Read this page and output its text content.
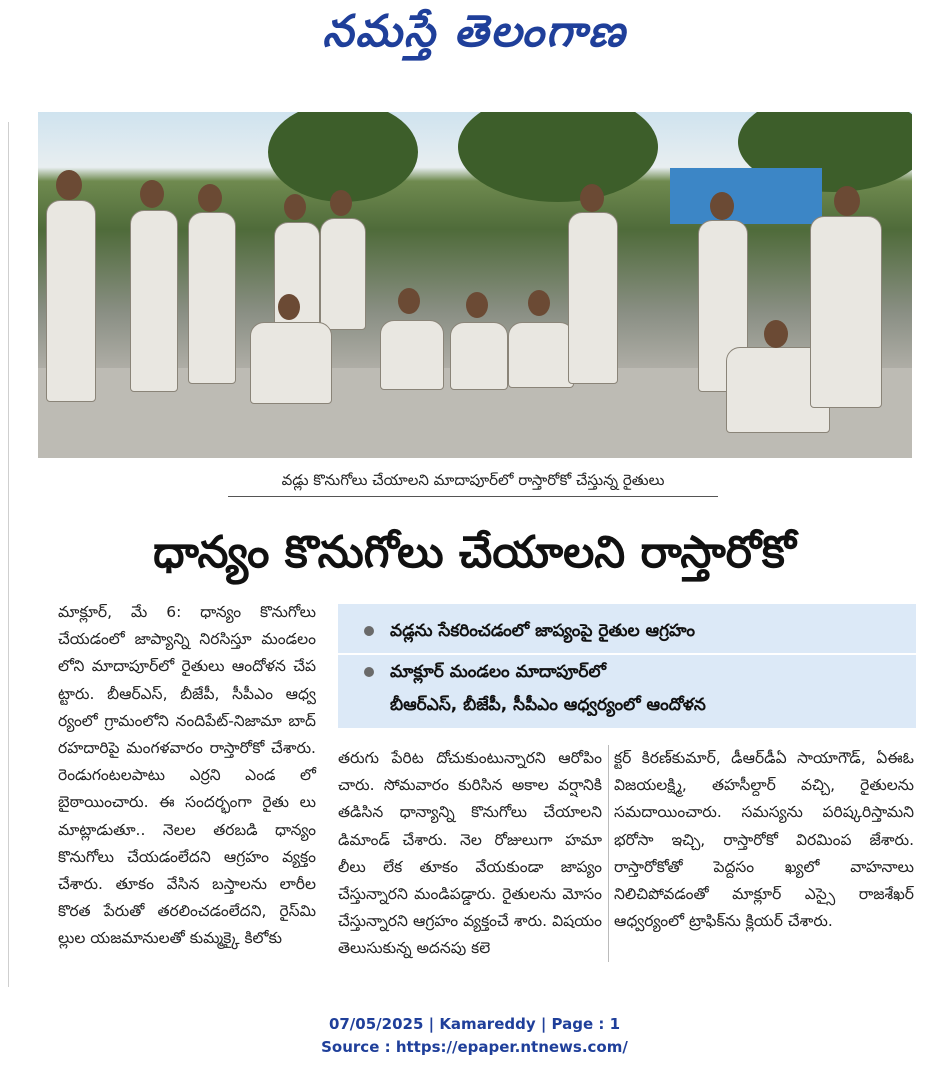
నమస్తే తెలంగాణ
వడ్లు కొనుగోలు చేయాలని మాదాపూర్‌లో రాస్తారోకో చేస్తున్న రైతులు
ధాన్యం కొనుగోలు చేయాలని రాస్తారోకో
మాక్లూర్, మే 6: ధాన్యం కొనుగోలు చేయడంలో జాప్యాన్ని నిరసిస్తూ మండలం లోని మాదాపూర్‌లో రైతులు ఆందోళన చేప ట్టారు. బీఆర్ఎస్, బీజేపీ, సీపీఎం ఆధ్వ ర్యంలో గ్రామంలోని నందిపేట్‌-నిజామా బాద్ రహదారిపై మంగళవారం రాస్తారోకో చేశారు. రెండుగంటలపాటు ఎర్రని ఎండ లో బైఠాయించారు. ఈ సందర్భంగా రైతు లు మాట్లాడుతూ.. నెలల తరబడి ధాన్యం కొనుగోలు చేయడంలేదని ఆగ్రహం వ్యక్తం చేశారు. తూకం వేసిన బస్తాలను లారీల కొరత పేరుతో తరలించడంలేదని, రైస్‌మి ల్లుల యజమానులతో కుమ్మక్కై కిలోకు
వడ్లను సేకరించడంలో జాప్యంపై రైతుల ఆగ్రహం
మాక్లూర్ మండలం మాదాపూర్‌లో
బీఆర్ఎస్, బీజేపీ, సీపీఎం ఆధ్వర్యంలో ఆందోళన
తరుగు పేరిట దోచుకుంటున్నారని ఆరోపిం చారు. సోమవారం కురిసిన అకాల వర్షానికి తడిసిన ధాన్యాన్ని కొనుగోలు చేయాలని డిమాండ్ చేశారు. నెల రోజులుగా హమా లీలు లేక తూకం వేయకుండా జాప్యం చేస్తున్నారని మండిపడ్డారు. రైతులను మోసం చేస్తున్నారని ఆగ్రహం వ్యక్తంచే శారు. విషయం తెలుసుకున్న అదనపు కలె
క్టర్ కిరణ్‌కుమార్, డీఆర్‌డీఏ సాయాగౌడ్, ఏఈఓ విజయలక్ష్మి, తహసీల్దార్ వచ్చి, రైతులను సమదాయించారు. సమస్యను పరిష్కరిస్తామని భరోసా ఇచ్చి, రాస్తారోకో విరమింప జేశారు. రాస్తారోకోతో పెద్దసం ఖ్యలో వాహనాలు నిలిచిపోవడంతో మాక్లూర్ ఎస్సై రాజశేఖర్ ఆధ్వర్యంలో ట్రాఫిక్‌ను క్లియర్ చేశారు.
07/05/2025 | Kamareddy | Page : 1
Source : https://epaper.ntnews.com/
